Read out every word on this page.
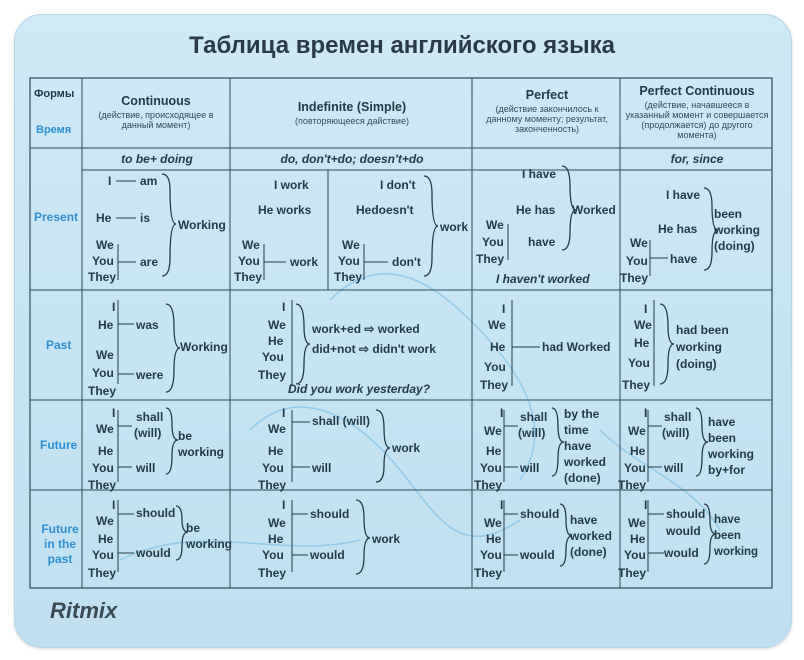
Таблица времен английского языка
Формы
Время
Continuous
(действие, происходящее в данный момент)
Indefinite (Simple)
(повторяющееся дайствие)
Perfect
(действие закончилось к данному моменту; результат, законченность)
Perfect Continuous
(действие, начавшееся в указанный момент и совершается (продолжается) до другого момента)
to be+ doing	do, don't+do; doesn't+do	for, since
Present
Past
Future
Future in the past
I am
He is
We
You
They
are
Working
I work
He works
We
You
They
work
I don't
Hedoesn't
We
You
They
don't
work
I have
He has
We
You
They
have
Worked
I haven't worked
I have
He has
We
You
They
have
been working (doing)
I
He
We
You
They
was
were
Working
I
We
He
You
They
work+ed ⇨ worked
did+not ⇨ didn't work
Did you work yesterday?
I
We
He
You
They
had Worked
I
We
He
You
They
had been working (doing)
I
We
He
You
They
shall
(will)
will
be working
I
We
He
You
They
shall (will)
will
work
I
We
He
You
They
shall
(will)
will
by the time have worked (done)
I
We
He
You
They
shall
(will)
will
have been working by+for
I
We
He
You
They
should
would
be working
I
We
He
You
They
should
would
work
I
We
He
You
They
should
would
have worked (done)
I
We
He
You
They
should
would
would
have been working
Ritmix
